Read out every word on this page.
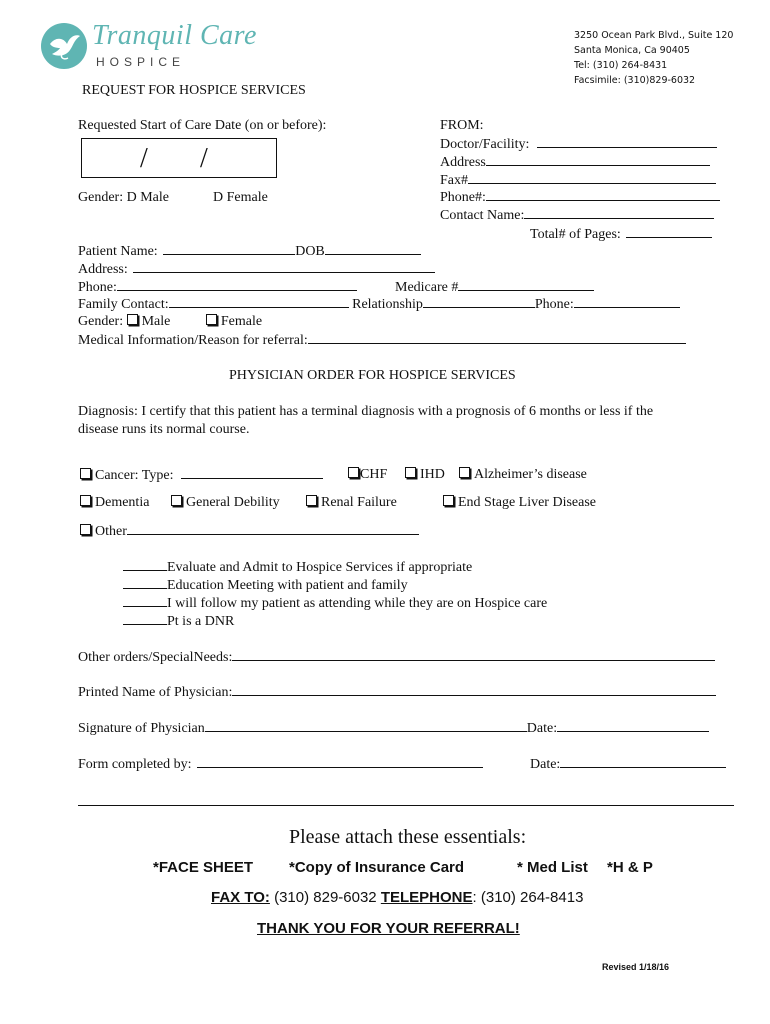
Tranquil Care
HOSPICE
3250 Ocean Park Blvd., Suite 120
Santa Monica, Ca 90405
Tel: (310) 264-8431
Facsimile: (310)829-6032
REQUEST FOR HOSPICE SERVICES
Requested Start of Care Date (on or before):
/ /
Gender: D Male	D Female
FROM:
Doctor/Facility:
Address
Fax#
Phone#:
Contact Name:
Total# of Pages:
Patient Name:	DOB
Address:
Phone:	Medicare #
Family Contact:	Relationship	Phone:
Gender: Male	Female
Medical Information/Reason for referral:
PHYSICIAN ORDER FOR HOSPICE SERVICES
Diagnosis: I certify that this patient has a terminal diagnosis with a prognosis of 6 months or less if the
disease runs its normal course.
Cancer: Type:	CHF	IHD	Alzheimer’s disease
Dementia	General Debility	Renal Failure	End Stage Liver Disease
Other
Evaluate and Admit to Hospice Services if appropriate
Education Meeting with patient and family
I will follow my patient as attending while they are on Hospice care
Pt is a DNR
Other orders/SpecialNeeds:
Printed Name of Physician:
Signature of Physician	Date:
Form completed by:	Date:
Please attach these essentials:
*FACE SHEET *Copy of Insurance Card	* Med List *H & P
FAX TO: (310) 829-6032 TELEPHONE: (310) 264-8413
THANK YOU FOR YOUR REFERRAL!
Revised 1/18/16
